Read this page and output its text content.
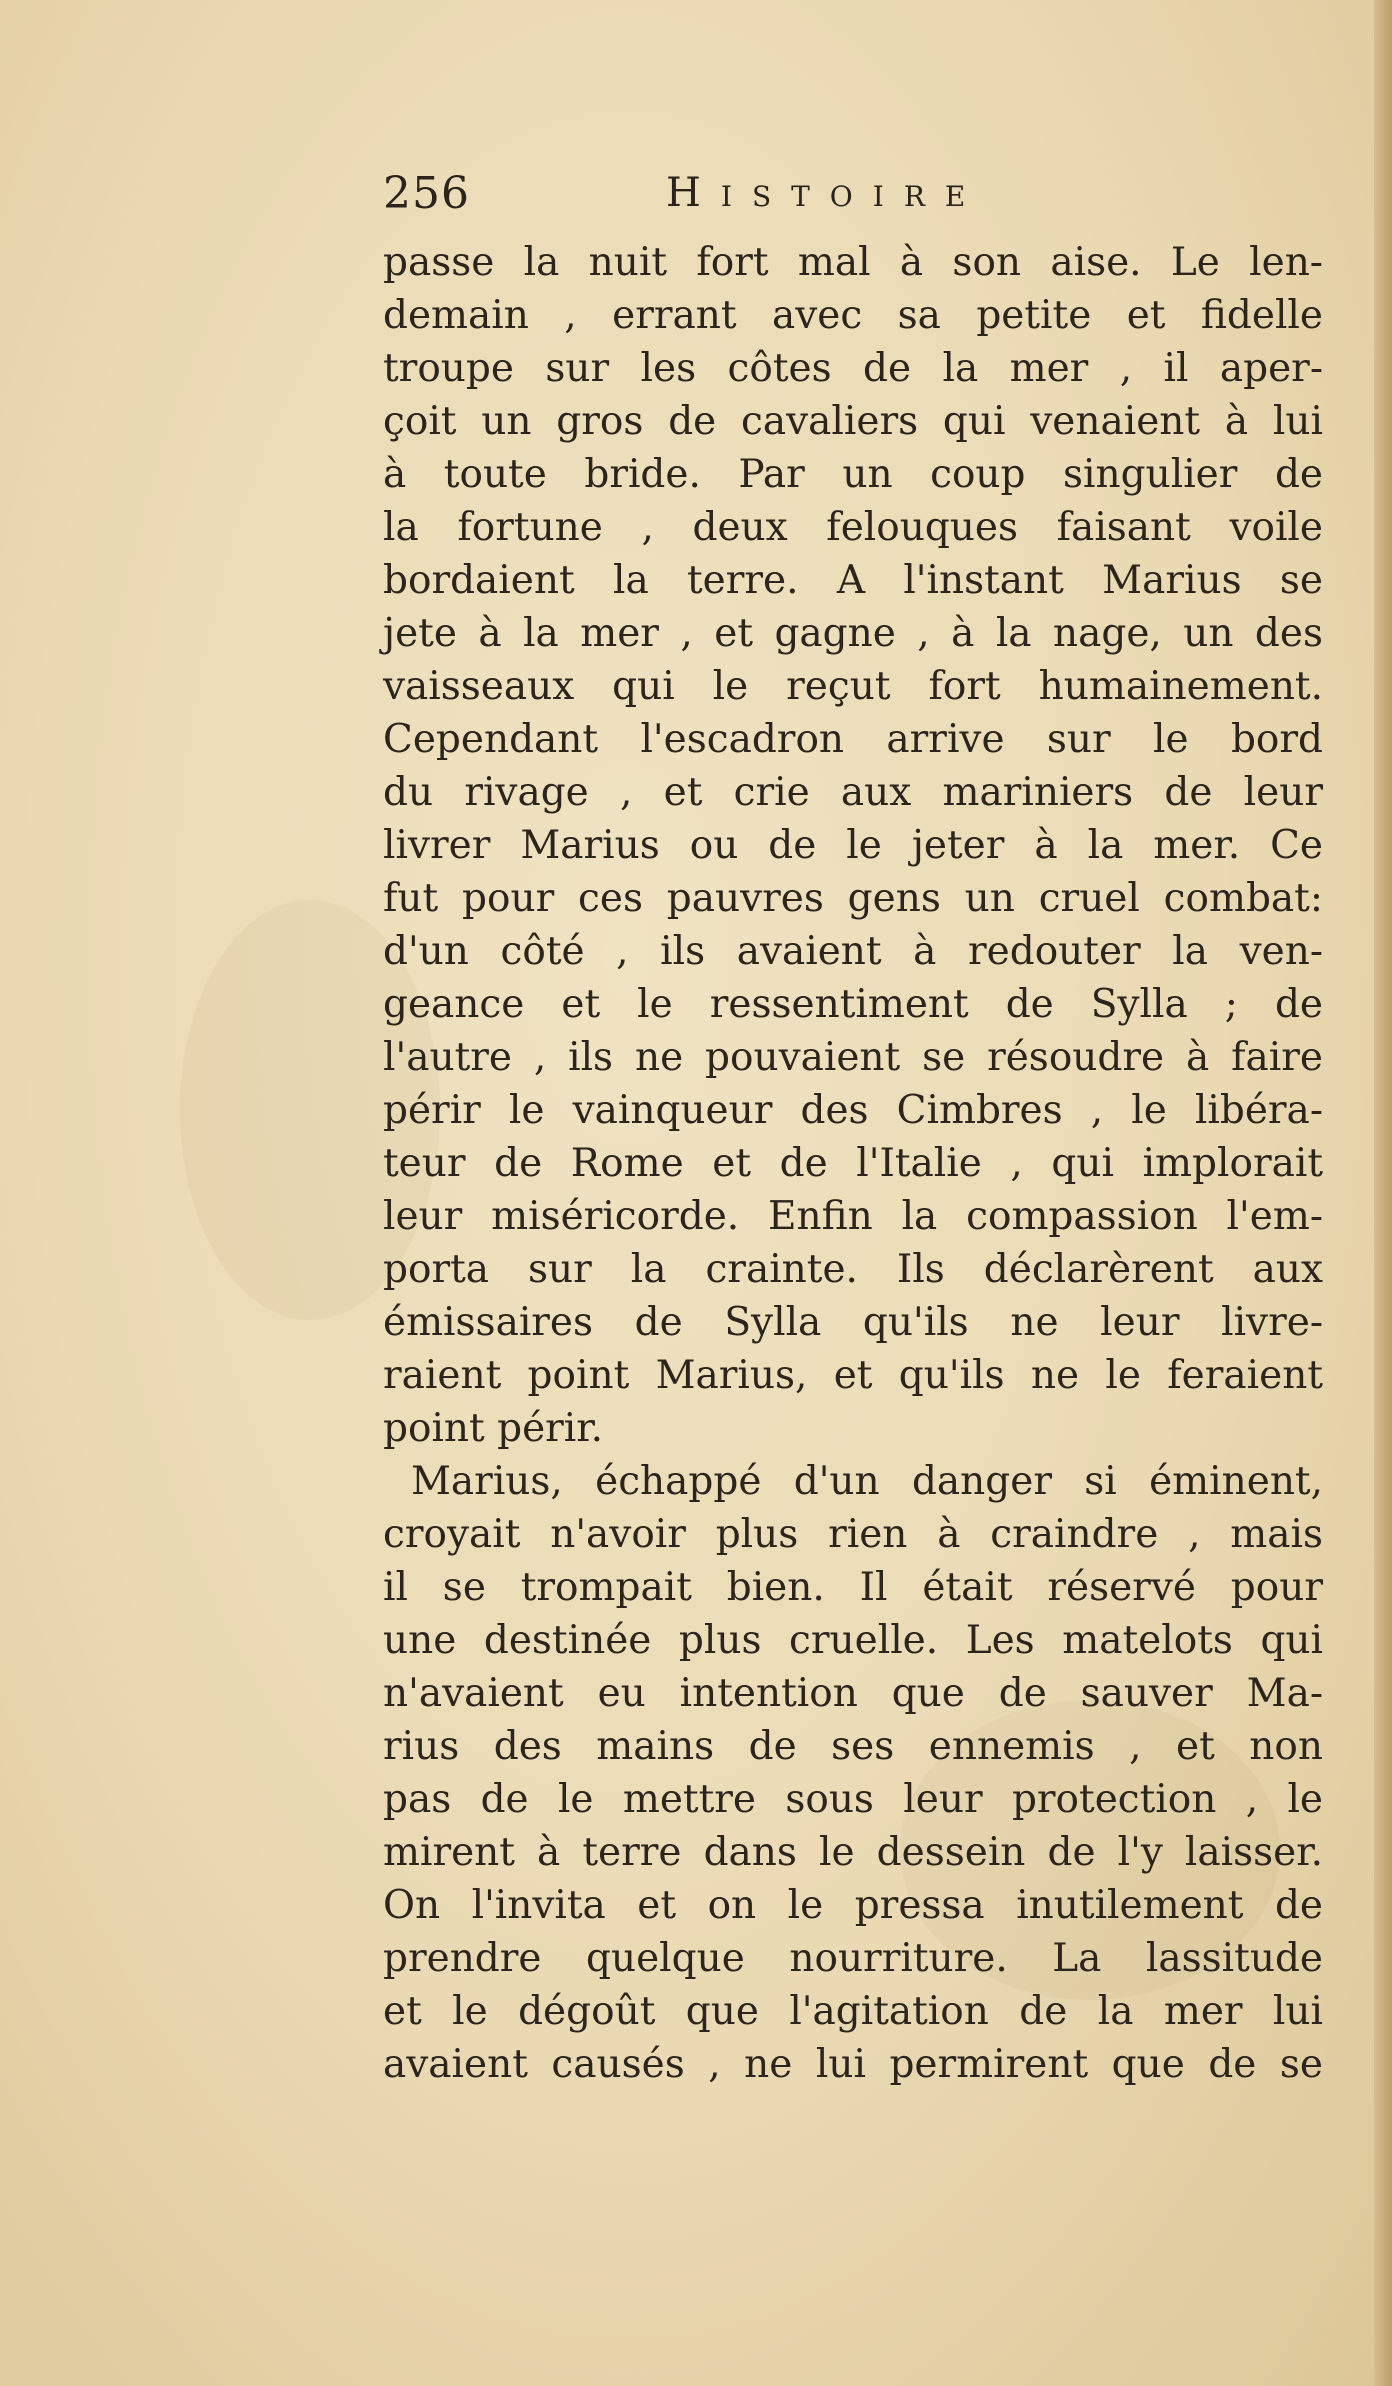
256	Histoire
passe la nuit fort mal à son aise. Le len-
demain , errant avec sa petite et fidelle
troupe sur les côtes de la mer , il aper-
çoit un gros de cavaliers qui venaient à lui
à toute bride. Par un coup singulier de
la fortune , deux felouques faisant voile
bordaient la terre. A l'instant Marius se
jete à la mer , et gagne , à la nage, un des
vaisseaux qui le reçut fort humainement.
Cependant l'escadron arrive sur le bord
du rivage , et crie aux mariniers de leur
livrer Marius ou de le jeter à la mer. Ce
fut pour ces pauvres gens un cruel combat:
d'un côté , ils avaient à redouter la ven-
geance et le ressentiment de Sylla ; de
l'autre , ils ne pouvaient se résoudre à faire
périr le vainqueur des Cimbres , le libéra-
teur de Rome et de l'Italie , qui implorait
leur miséricorde. Enfin la compassion l'em-
porta sur la crainte. Ils déclarèrent aux
émissaires de Sylla qu'ils ne leur livre-
raient point Marius, et qu'ils ne le feraient
point périr.
Marius, échappé d'un danger si éminent,
croyait n'avoir plus rien à craindre , mais
il se trompait bien. Il était réservé pour
une destinée plus cruelle. Les matelots qui
n'avaient eu intention que de sauver Ma-
rius des mains de ses ennemis , et non
pas de le mettre sous leur protection , le
mirent à terre dans le dessein de l'y laisser.
On l'invita et on le pressa inutilement de
prendre quelque nourriture. La lassitude
et le dégoût que l'agitation de la mer lui
avaient causés , ne lui permirent que de se
